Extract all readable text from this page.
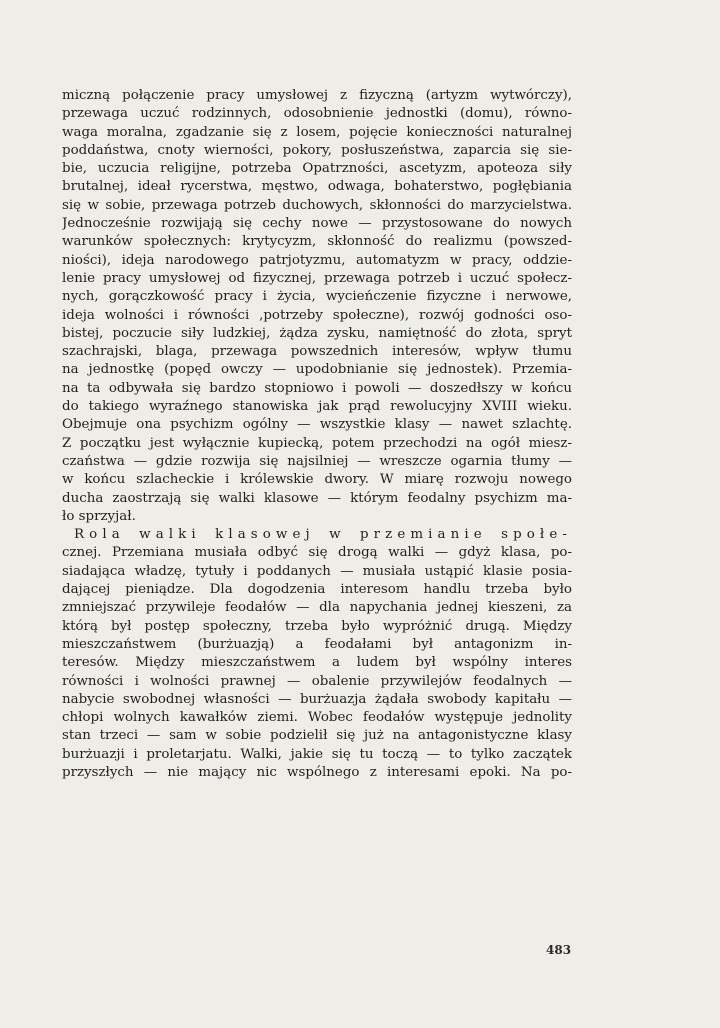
miczną połączenie pracy umysłowej z fizyczną (artyzm wytwórczy),
przewaga uczuć rodzinnych, odosobnienie jednostki (domu), równo-
waga moralna, zgadzanie się z losem, pojęcie konieczności naturalnej
poddaństwa, cnoty wierności, pokory, posłuszeństwa, zaparcia się sie-
bie, uczucia religijne, potrzeba Opatrzności, ascetyzm, apoteoza siły
brutalnej, ideał rycerstwa, męstwo, odwaga, bohaterstwo, pogłębiania
się w sobie, przewaga potrzeb duchowych, skłonności do marzycielstwa.
Jednocześnie rozwijają się cechy nowe — przystosowane do nowych
warunków społecznych: krytycyzm, skłonność do realizmu (powszed-
niości), ideja narodowego patrjotyzmu, automatyzm w pracy, oddzie-
lenie pracy umysłowej od fizycznej, przewaga potrzeb i uczuć społecz-
nych, gorączkowość pracy i życia, wycieńczenie fizyczne i nerwowe,
ideja wolności i równości ,potrzeby społeczne), rozwój godności oso-
bistej, poczucie siły ludzkiej, żądza zysku, namiętność do złota, spryt
szachrajski, blaga, przewaga powszednich interesów, wpływ tłumu
na jednostkę (popęd owczy — upodobnianie się jednostek). Przemia-
na ta odbywała się bardzo stopniowo i powoli — doszedłszy w końcu
do takiego wyraźnego stanowiska jak prąd rewolucyjny XVIII wieku.
Obejmuje ona psychizm ogólny — wszystkie klasy — nawet szlachtę.
Z początku jest wyłącznie kupiecką, potem przechodzi na ogół miesz-
czaństwa — gdzie rozwija się najsilniej — wreszcze ogarnia tłumy —
w końcu szlacheckie i królewskie dwory. W miarę rozwoju nowego
ducha zaostrzają się walki klasowe — którym feodalny psychizm ma-
ło sprzyjał.
Rola walki klasowej w przemianie społe-
cznej. Przemiana musiała odbyć się drogą walki — gdyż klasa, po-
siadająca władzę, tytuły i poddanych — musiała ustąpić klasie posia-
dającej pieniądze. Dla dogodzenia interesom handlu trzeba było
zmniejszać przywileje feodałów — dla napychania jednej kieszeni, za
którą był postęp społeczny, trzeba było wypróżnić drugą. Między
mieszczaństwem (burżuazją) a feodałami był antagonizm in-
teresów. Między mieszczaństwem a ludem był wspólny interes
równości i wolności prawnej — obalenie przywilejów feodalnych —
nabycie swobodnej własności — burżuazja żądała swobody kapitału —
chłopi wolnych kawałków ziemi. Wobec feodałów występuje jednolity
stan trzeci — sam w sobie podzielił się już na antagonistyczne klasy
burżuazji i proletarjatu. Walki, jakie się tu toczą — to tylko zaczątek
przyszłych — nie mający nic wspólnego z interesami epoki. Na po-
483
